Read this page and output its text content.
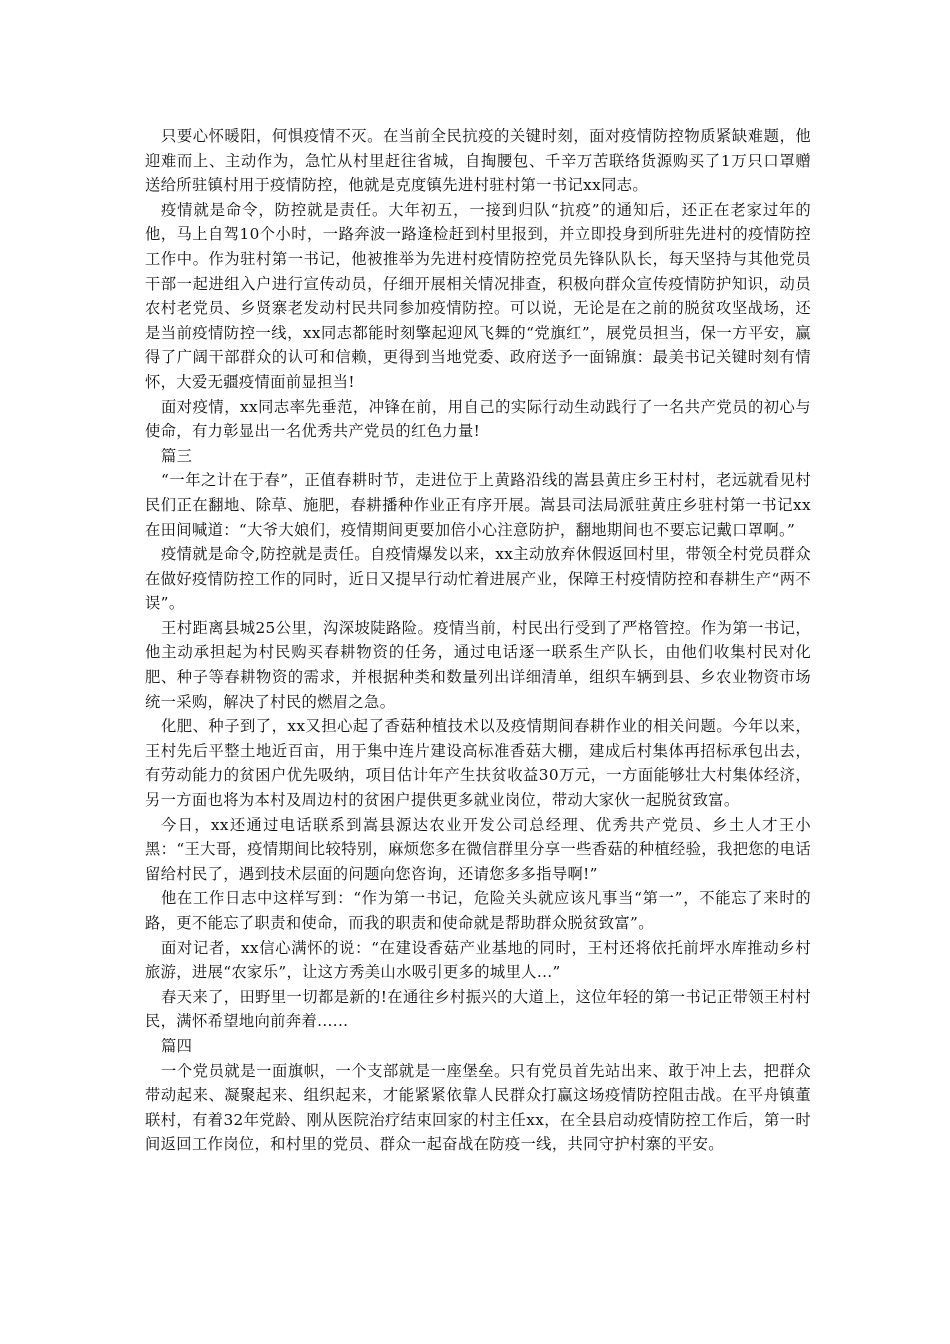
只要心怀暖阳，何惧疫情不灭。在当前全民抗疫的关键时刻，面对疫情防控物质紧缺难题，他迎难而上、主动作为，急忙从村里赶往省城，自掏腰包、千辛万苦联络货源购买了1万只口罩赠送给所驻镇村用于疫情防控，他就是克度镇先进村驻村第一书记xx同志。

疫情就是命令，防控就是责任。大年初五，一接到归队“抗疫”的通知后，还正在老家过年的他，马上自驾10个小时，一路奔波一路逢检赶到村里报到，并立即投身到所驻先进村的疫情防控工作中。作为驻村第一书记，他被推举为先进村疫情防控党员先锋队队长，每天坚持与其他党员干部一起进组入户进行宣传动员，仔细开展相关情况排查，积极向群众宣传疫情防护知识，动员农村老党员、乡贤寨老发动村民共同参加疫情防控。可以说，无论是在之前的脱贫攻坚战场，还是当前疫情防控一线，xx同志都能时刻擎起迎风飞舞的“党旗红”，展党员担当，保一方平安，赢得了广阔干部群众的认可和信赖，更得到当地党委、政府送予一面锦旗：最美书记关键时刻有情怀，大爱无疆疫情面前显担当!

面对疫情，xx同志率先垂范，冲锋在前，用自己的实际行动生动践行了一名共产党员的初心与使命，有力彰显出一名优秀共产党员的红色力量!

篇三

“一年之计在于春”，正值春耕时节，走进位于上黄路沿线的嵩县黄庄乡王村村，老远就看见村民们正在翻地、除草、施肥，春耕播种作业正有序开展。嵩县司法局派驻黄庄乡驻村第一书记xx在田间喊道：“大爷大娘们，疫情期间更要加倍小心注意防护，翻地期间也不要忘记戴口罩啊。”

疫情就是命令,防控就是责任。自疫情爆发以来，xx主动放弃休假返回村里，带领全村党员群众在做好疫情防控工作的同时，近日又提早行动忙着进展产业，保障王村疫情防控和春耕生产“两不误”。

王村距离县城25公里，沟深坡陡路险。疫情当前，村民出行受到了严格管控。作为第一书记，他主动承担起为村民购买春耕物资的任务，通过电话逐一联系生产队长，由他们收集村民对化肥、种子等春耕物资的需求，并根据种类和数量列出详细清单，组织车辆到县、乡农业物资市场统一采购，解决了村民的燃眉之急。

化肥、种子到了，xx又担心起了香菇种植技术以及疫情期间春耕作业的相关问题。今年以来，王村先后平整土地近百亩，用于集中连片建设高标准香菇大棚，建成后村集体再招标承包出去，有劳动能力的贫困户优先吸纳，项目估计年产生扶贫收益30万元，一方面能够壮大村集体经济，另一方面也将为本村及周边村的贫困户提供更多就业岗位，带动大家伙一起脱贫致富。

今日，xx还通过电话联系到嵩县源达农业开发公司总经理、优秀共产党员、乡土人才王小黑：“王大哥，疫情期间比较特别，麻烦您多在微信群里分享一些香菇的种植经验，我把您的电话留给村民了，遇到技术层面的问题向您咨询，还请您多多指导啊!”

他在工作日志中这样写到：“作为第一书记，危险关头就应该凡事当“第一”，不能忘了来时的路，更不能忘了职责和使命，而我的职责和使命就是帮助群众脱贫致富”。

面对记者，xx信心满怀的说：“在建设香菇产业基地的同时，王村还将依托前坪水库推动乡村旅游，进展“农家乐”，让这方秀美山水吸引更多的城里人...”

春天来了，田野里一切都是新的!在通往乡村振兴的大道上，这位年轻的第一书记正带领王村村民，满怀希望地向前奔着......

篇四

一个党员就是一面旗帜，一个支部就是一座堡垒。只有党员首先站出来、敢于冲上去，把群众带动起来、凝聚起来、组织起来，才能紧紧依靠人民群众打赢这场疫情防控阻击战。在平舟镇董联村，有着32年党龄、刚从医院治疗结束回家的村主任xx，在全县启动疫情防控工作后，第一时间返回工作岗位，和村里的党员、群众一起奋战在防疫一线，共同守护村寨的平安。
